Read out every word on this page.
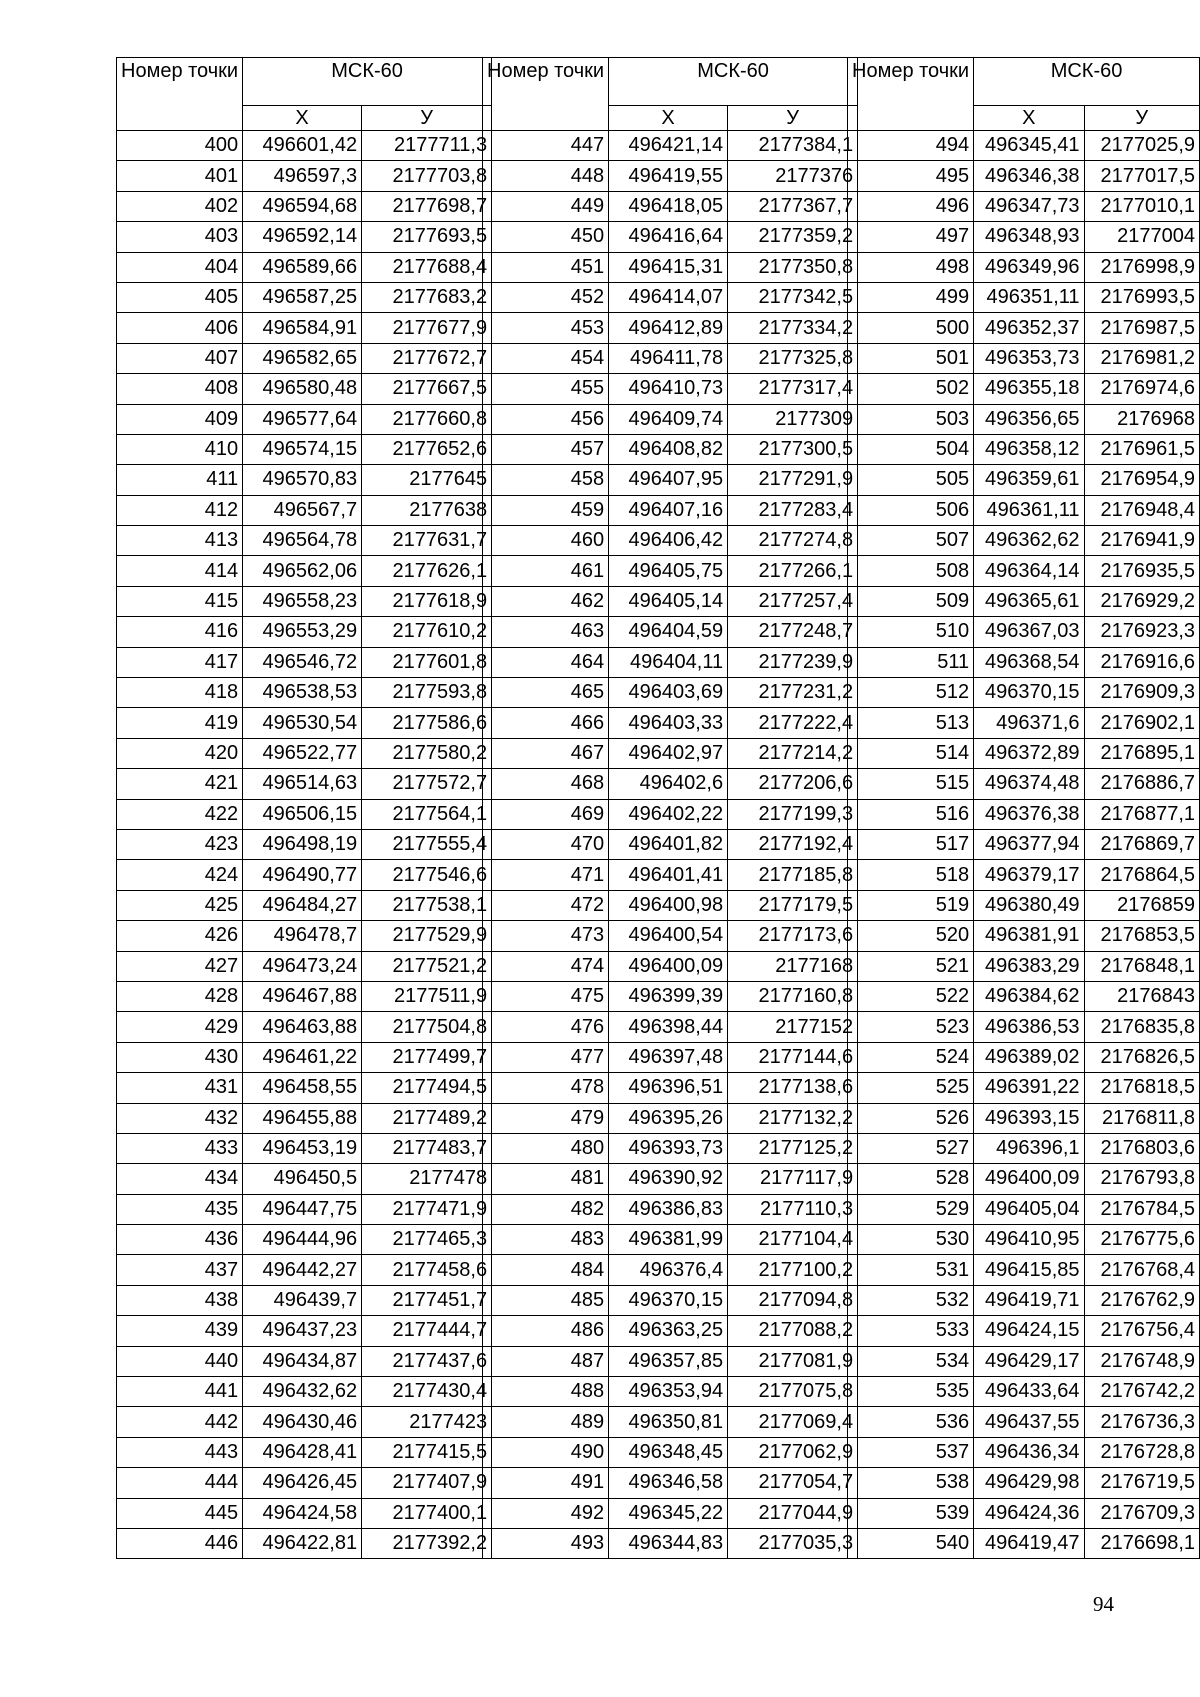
Номер точки	МСК-60	
	Х	У
400	496601,42	2177711,3
401	496597,3	2177703,8
402	496594,68	2177698,7
403	496592,14	2177693,5
404	496589,66	2177688,4
405	496587,25	2177683,2
406	496584,91	2177677,9
407	496582,65	2177672,7
408	496580,48	2177667,5
409	496577,64	2177660,8
410	496574,15	2177652,6
411	496570,83	2177645
412	496567,7	2177638
413	496564,78	2177631,7
414	496562,06	2177626,1
415	496558,23	2177618,9
416	496553,29	2177610,2
417	496546,72	2177601,8
418	496538,53	2177593,8
419	496530,54	2177586,6
420	496522,77	2177580,2
421	496514,63	2177572,7
422	496506,15	2177564,1
423	496498,19	2177555,4
424	496490,77	2177546,6
425	496484,27	2177538,1
426	496478,7	2177529,9
427	496473,24	2177521,2
428	496467,88	2177511,9
429	496463,88	2177504,8
430	496461,22	2177499,7
431	496458,55	2177494,5
432	496455,88	2177489,2
433	496453,19	2177483,7
434	496450,5	2177478
435	496447,75	2177471,9
436	496444,96	2177465,3
437	496442,27	2177458,6
438	496439,7	2177451,7
439	496437,23	2177444,7
440	496434,87	2177437,6
441	496432,62	2177430,4
442	496430,46	2177423
443	496428,41	2177415,5
444	496426,45	2177407,9
445	496424,58	2177400,1
446	496422,81	2177392,2
Номер точки	МСК-60	
	Х	У
447	496421,14	2177384,1
448	496419,55	2177376
449	496418,05	2177367,7
450	496416,64	2177359,2
451	496415,31	2177350,8
452	496414,07	2177342,5
453	496412,89	2177334,2
454	496411,78	2177325,8
455	496410,73	2177317,4
456	496409,74	2177309
457	496408,82	2177300,5
458	496407,95	2177291,9
459	496407,16	2177283,4
460	496406,42	2177274,8
461	496405,75	2177266,1
462	496405,14	2177257,4
463	496404,59	2177248,7
464	496404,11	2177239,9
465	496403,69	2177231,2
466	496403,33	2177222,4
467	496402,97	2177214,2
468	496402,6	2177206,6
469	496402,22	2177199,3
470	496401,82	2177192,4
471	496401,41	2177185,8
472	496400,98	2177179,5
473	496400,54	2177173,6
474	496400,09	2177168
475	496399,39	2177160,8
476	496398,44	2177152
477	496397,48	2177144,6
478	496396,51	2177138,6
479	496395,26	2177132,2
480	496393,73	2177125,2
481	496390,92	2177117,9
482	496386,83	2177110,3
483	496381,99	2177104,4
484	496376,4	2177100,2
485	496370,15	2177094,8
486	496363,25	2177088,2
487	496357,85	2177081,9
488	496353,94	2177075,8
489	496350,81	2177069,4
490	496348,45	2177062,9
491	496346,58	2177054,7
492	496345,22	2177044,9
493	496344,83	2177035,3
Номер точки	МСК-60	
	Х	У
494	496345,41	2177025,9
495	496346,38	2177017,5
496	496347,73	2177010,1
497	496348,93	2177004
498	496349,96	2176998,9
499	496351,11	2176993,5
500	496352,37	2176987,5
501	496353,73	2176981,2
502	496355,18	2176974,6
503	496356,65	2176968
504	496358,12	2176961,5
505	496359,61	2176954,9
506	496361,11	2176948,4
507	496362,62	2176941,9
508	496364,14	2176935,5
509	496365,61	2176929,2
510	496367,03	2176923,3
511	496368,54	2176916,6
512	496370,15	2176909,3
513	496371,6	2176902,1
514	496372,89	2176895,1
515	496374,48	2176886,7
516	496376,38	2176877,1
517	496377,94	2176869,7
518	496379,17	2176864,5
519	496380,49	2176859
520	496381,91	2176853,5
521	496383,29	2176848,1
522	496384,62	2176843
523	496386,53	2176835,8
524	496389,02	2176826,5
525	496391,22	2176818,5
526	496393,15	2176811,8
527	496396,1	2176803,6
528	496400,09	2176793,8
529	496405,04	2176784,5
530	496410,95	2176775,6
531	496415,85	2176768,4
532	496419,71	2176762,9
533	496424,15	2176756,4
534	496429,17	2176748,9
535	496433,64	2176742,2
536	496437,55	2176736,3
537	496436,34	2176728,8
538	496429,98	2176719,5
539	496424,36	2176709,3
540	496419,47	2176698,1
94
